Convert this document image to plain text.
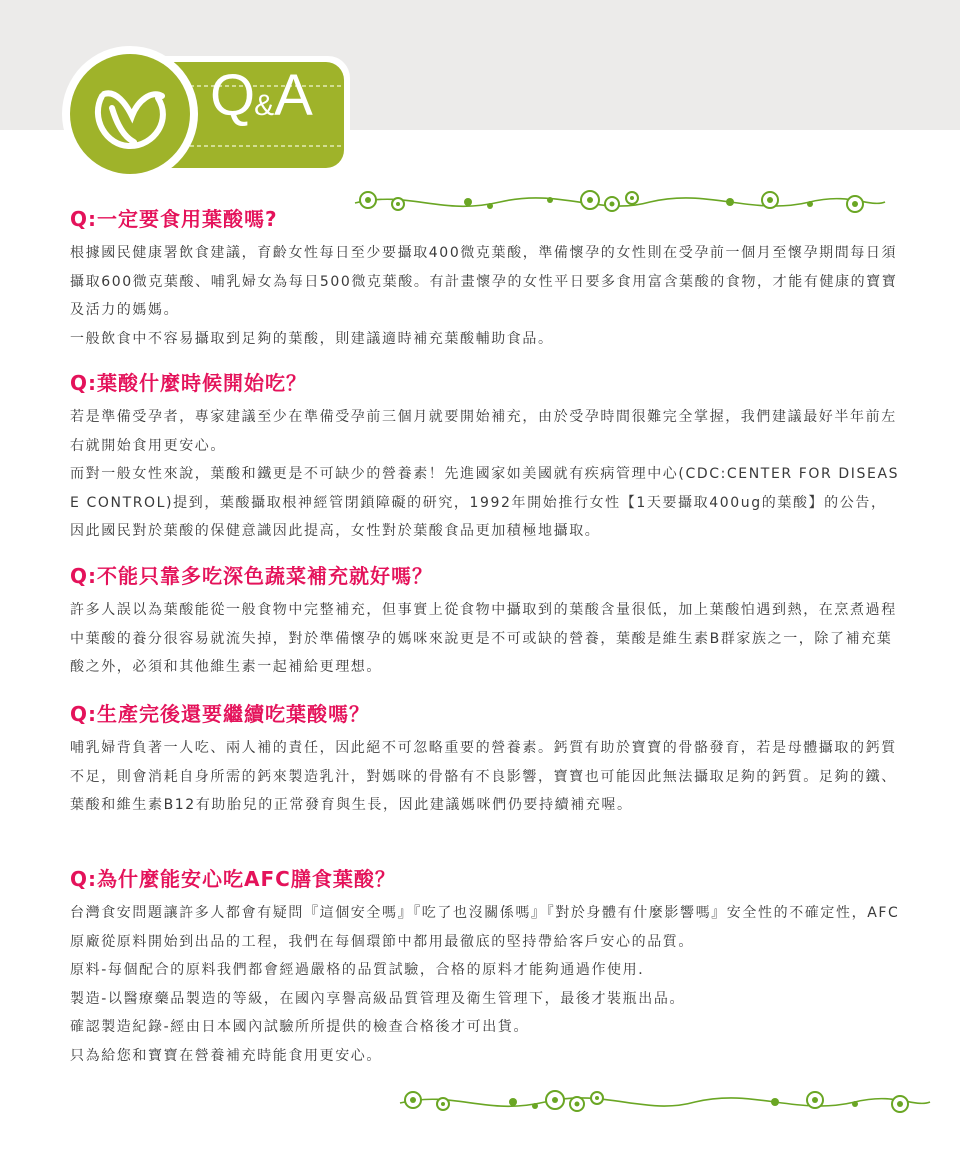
Q&A
Q:一定要食用葉酸嗎?

根據國民健康署飲食建議，育齡女性每日至少要攝取400微克葉酸，準備懷孕的女性則在受孕前一個月至懷孕期間每日須攝取600微克葉酸、哺乳婦女為每日500微克葉酸。有計畫懷孕的女性平日要多食用富含葉酸的食物，才能有健康的寶寶及活力的媽媽。

一般飲食中不容易攝取到足夠的葉酸，則建議適時補充葉酸輔助食品。

Q:葉酸什麼時候開始吃？

若是準備受孕者，專家建議至少在準備受孕前三個月就要開始補充，由於受孕時間很難完全掌握，我們建議最好半年前左右就開始食用更安心。

而對一般女性來說，葉酸和鐵更是不可缺少的營養素！先進國家如美國就有疾病管理中心(CDC:CENTER FOR DISEASE CONTROL)提到，葉酸攝取根神經管閉鎖障礙的研究，1992年開始推行女性【1天要攝取400ug的葉酸】的公告，因此國民對於葉酸的保健意識因此提高，女性對於葉酸食品更加積極地攝取。

Q:不能只靠多吃深色蔬菜補充就好嗎？

許多人誤以為葉酸能從一般食物中完整補充，但事實上從食物中攝取到的葉酸含量很低，加上葉酸怕遇到熱，在烹煮過程中葉酸的養分很容易就流失掉，對於準備懷孕的媽咪來說更是不可或缺的營養，葉酸是維生素B群家族之一，除了補充葉酸之外，必須和其他維生素一起補給更理想。

Q:生產完後還要繼續吃葉酸嗎？

哺乳婦背負著一人吃、兩人補的責任，因此絕不可忽略重要的營養素。鈣質有助於寶寶的骨骼發育，若是母體攝取的鈣質不足，則會消耗自身所需的鈣來製造乳汁，對媽咪的骨骼有不良影響，寶寶也可能因此無法攝取足夠的鈣質。足夠的鐵、葉酸和維生素B12有助胎兒的正常發育與生長，因此建議媽咪們仍要持續補充喔。

Q:為什麼能安心吃AFC膳食葉酸？

台灣食安問題讓許多人都會有疑問『這個安全嗎』『吃了也沒關係嗎』『對於身體有什麼影響嗎』安全性的不確定性，AFC原廠從原料開始到出品的工程，我們在每個環節中都用最徹底的堅持帶給客戶安心的品質。

原料-每個配合的原料我們都會經過嚴格的品質試驗，合格的原料才能夠通過作使用．

製造-以醫療藥品製造的等級，在國內享譽高級品質管理及衛生管理下，最後才裝瓶出品。

確認製造紀錄-經由日本國內試驗所所提供的檢查合格後才可出貨。

只為給您和寶寶在營養補充時能食用更安心。
